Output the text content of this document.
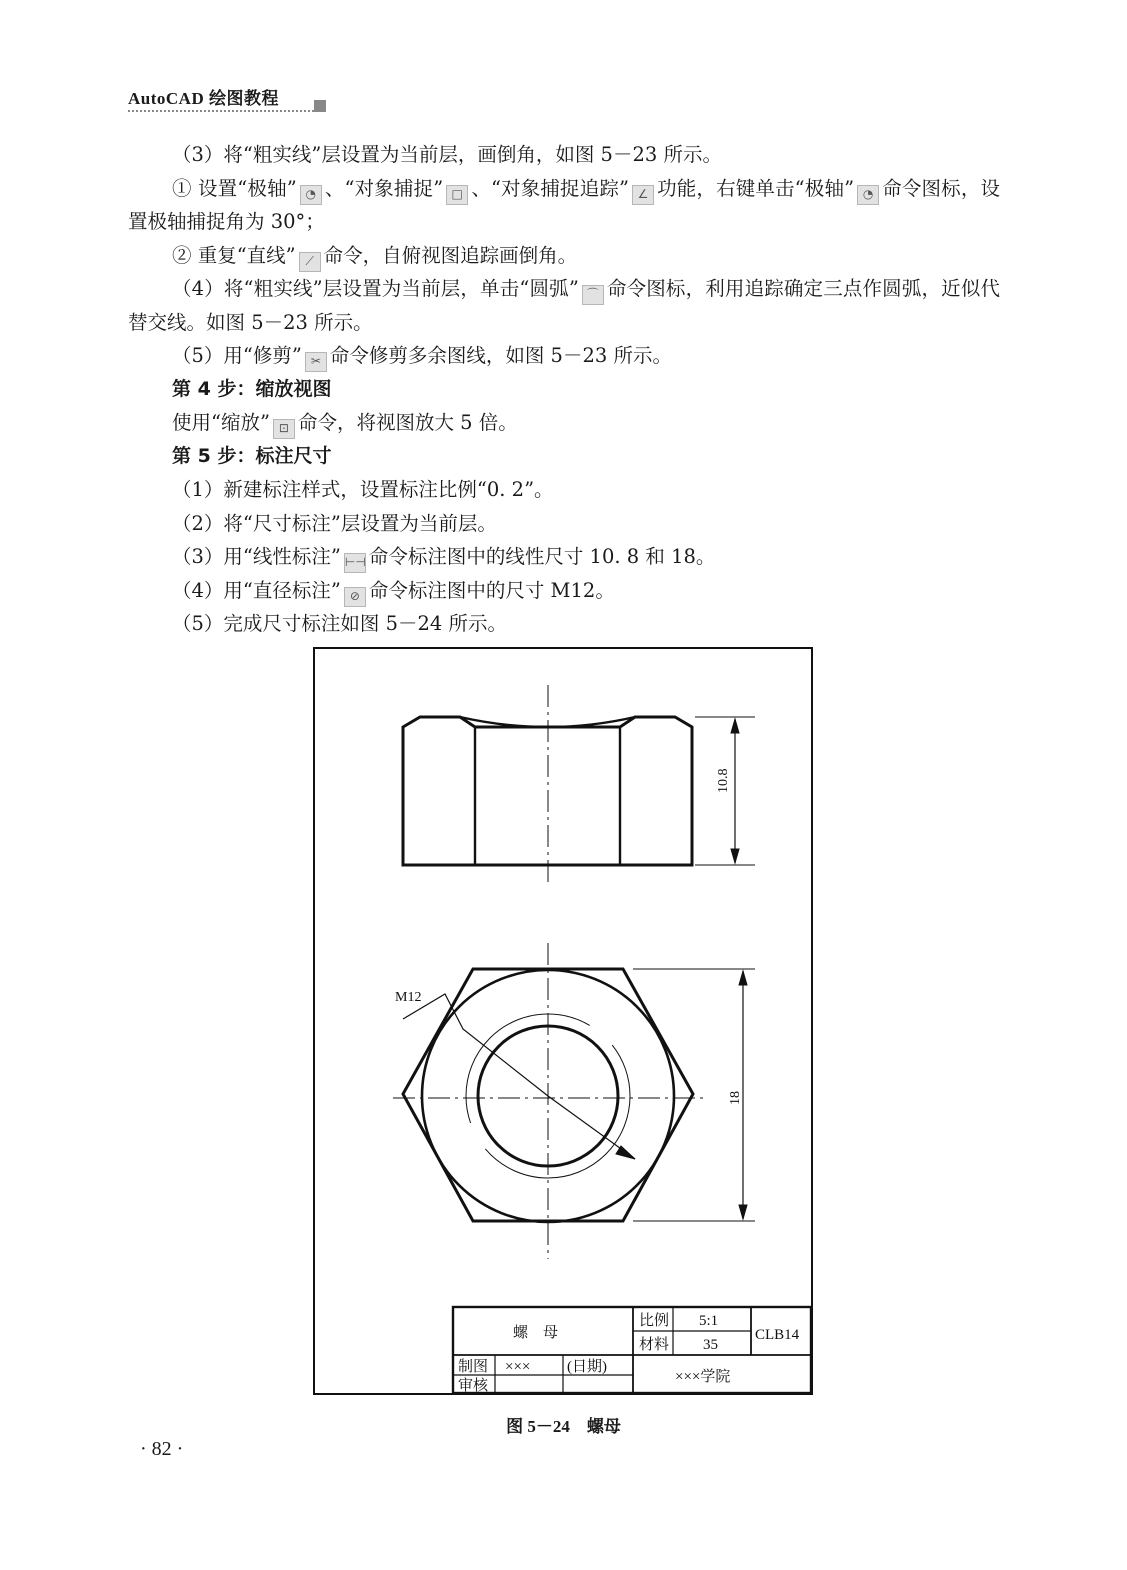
AutoCAD 绘图教程

（3）将“粗实线”层设置为当前层，画倒角，如图 5－23 所示。

① 设置“极轴” ◔ 、“对象捕捉” □ 、“对象捕捉追踪” ∠ 功能，右键单击“极轴” ◔ 命令图标，设置极轴捕捉角为 30°；

② 重复“直线” ⟋ 命令，自俯视图追踪画倒角。

（4）将“粗实线”层设置为当前层，单击“圆弧” ⌒ 命令图标，利用追踪确定三点作圆弧，近似代替交线。如图 5－23 所示。

（5）用“修剪” ✂ 命令修剪多余图线，如图 5－23 所示。

第 4 步：缩放视图

使用“缩放” ⊡ 命令，将视图放大 5 倍。

第 5 步：标注尺寸

（1）新建标注样式，设置标注比例“0. 2”。

（2）将“尺寸标注”层设置为当前层。

（3）用“线性标注” ⊢⊣ 命令标注图中的线性尺寸 10. 8 和 18。

（4）用“直径标注” ⊘ 命令标注图中的尺寸 M12。

（5）完成尺寸标注如图 5－24 所示。

10.8
M12
18
螺　母
比例 5:1
材料 35
CLB14
制图 ××× (日期)
审核
×××学院
图 5－24　螺母
· 82 ·
